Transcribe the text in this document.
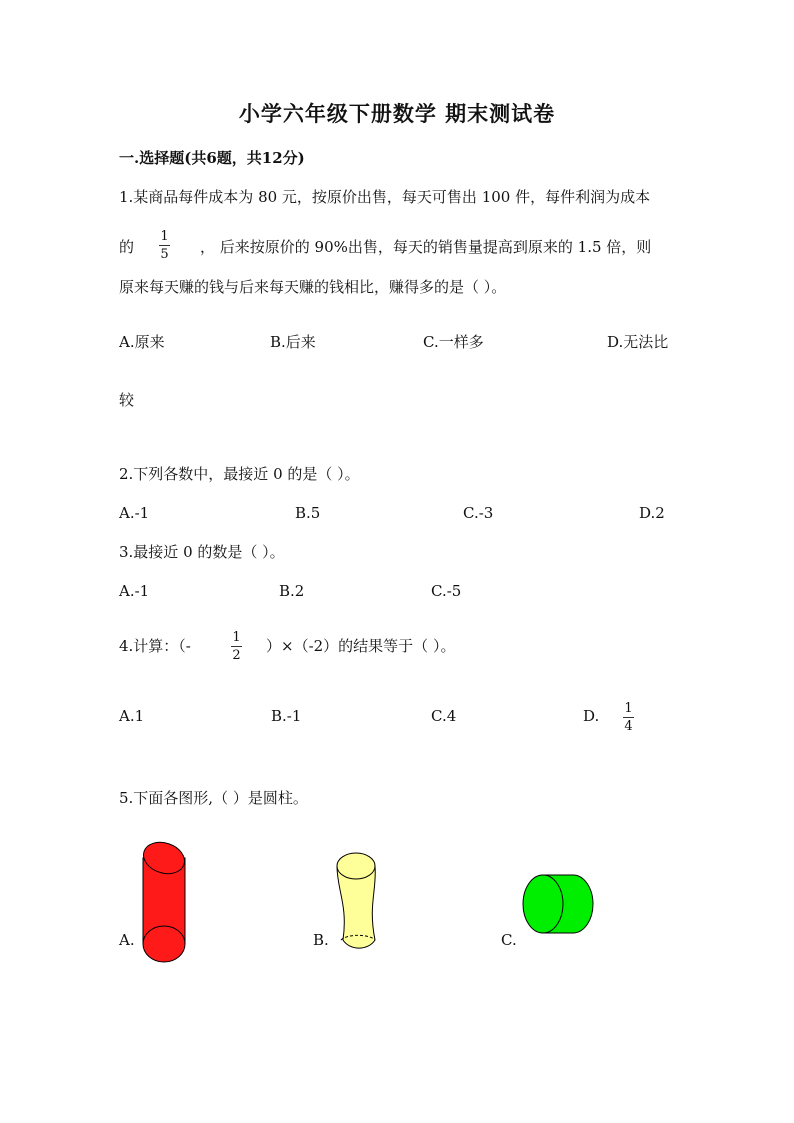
小学六年级下册数学 期末测试卷
一.选择题(共6题，共12分)
1.某商品每件成本为 80 元，按原价出售，每天可售出 100 件，每件利润为成本
的
1
5 ， 后来按原价的 90%出售，每天的销售量提高到原来的 1.5 倍，则
原来每天赚的钱与后来每天赚的钱相比，赚得多的是（ ）。
A.原来	B.后来	C.一样多	D.无法比
较
2.下列各数中，最接近 0 的是（ ）。
A.-1	B.5	C.-3	D.2
3.最接近 0 的数是（ ）。
A.-1	B.2	C.-5
4.计算：（-	1
2
）×（-2）的结果等于（ ）。
A.1	B.-1	C.4	D. 1
4
5.下面各图形,（ ）是圆柱。
A.	B.	C.
